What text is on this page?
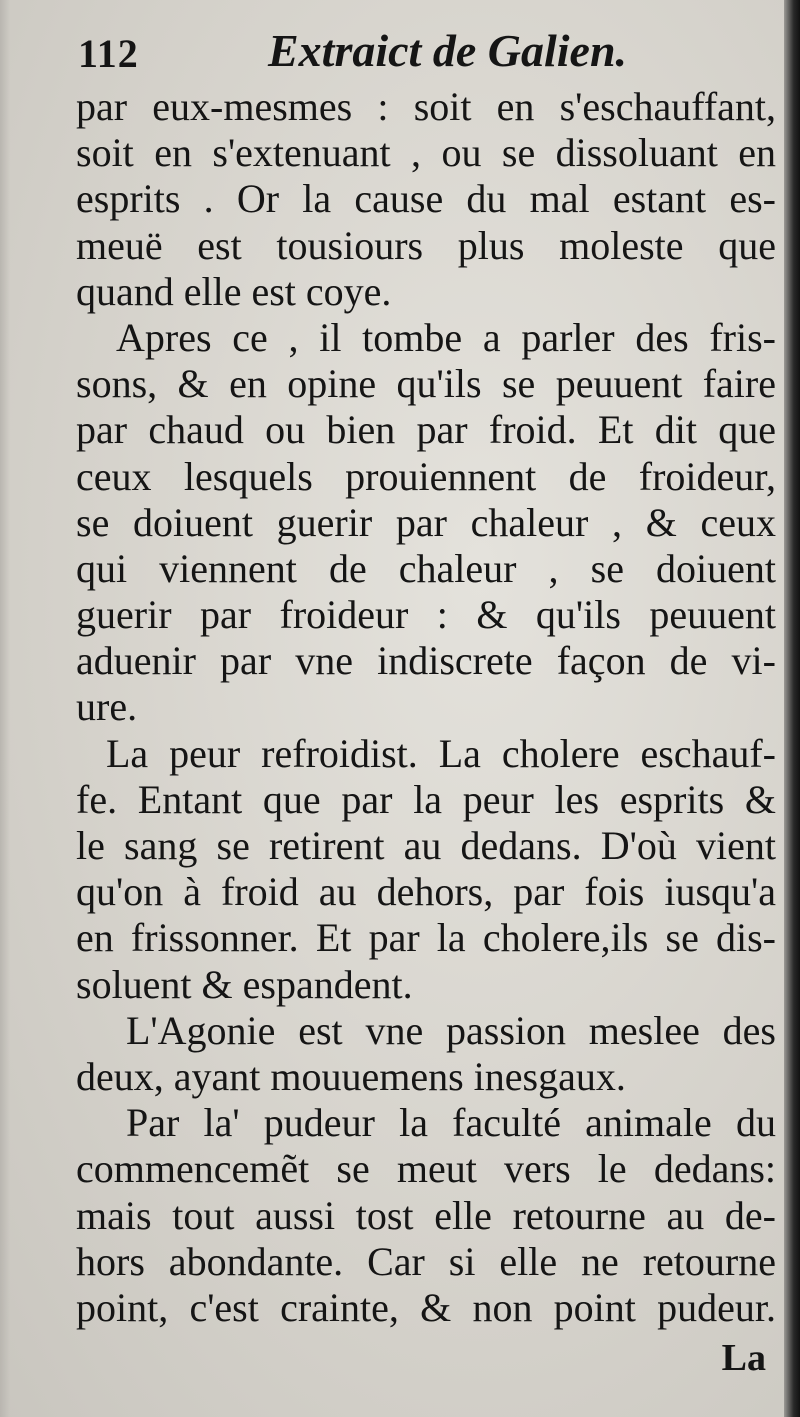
112	Extraict de Galien.
par eux-mesmes : soit en s'eschauffant,
soit en s'extenuant , ou se dissoluant en
esprits . Or la cause du mal estant es-
meuë est tousiours plus moleste que
quand elle est coye.
Apres ce , il tombe a parler des fris-
sons, & en opine qu'ils se peuuent faire
par chaud ou bien par froid. Et dit que
ceux lesquels prouiennent de froideur,
se doiuent guerir par chaleur , & ceux
qui viennent de chaleur , se doiuent
guerir par froideur : & qu'ils peuuent
aduenir par vne indiscrete façon de vi-
ure.
La peur refroidist. La cholere eschauf-
fe. Entant que par la peur les esprits &
le sang se retirent au dedans. D'où vient
qu'on à froid au dehors, par fois iusqu'a
en frissonner. Et par la cholere,ils se dis-
soluent & espandent.
L'Agonie est vne passion meslee des
deux, ayant mouuemens inesgaux.
Par la' pudeur la faculté animale du
commencemẽt se meut vers le dedans:
mais tout aussi tost elle retourne au de-
hors abondante. Car si elle ne retourne
point, c'est crainte, & non point pudeur.
La
